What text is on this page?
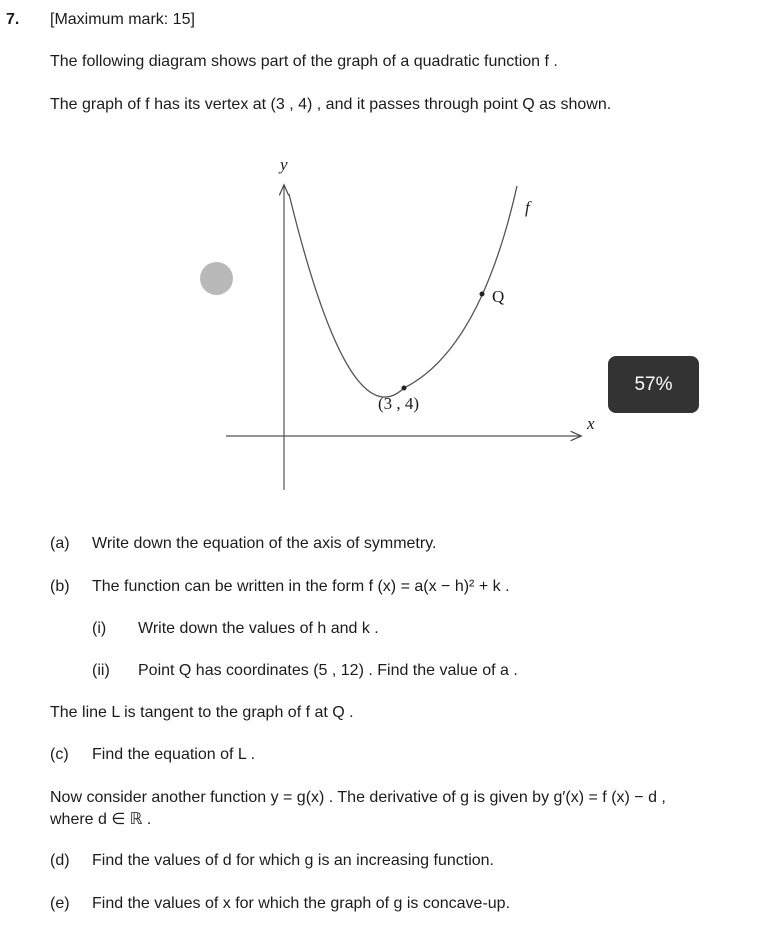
7. [Maximum mark: 15]
The following diagram shows part of the graph of a quadratic function f .
The graph of f has its vertex at (3 , 4) , and it passes through point Q as shown.
y
x
f
Q
(3 , 4)
57%
(a) Write down the equation of the axis of symmetry.
(b) The function can be written in the form f (x) = a(x − h)² + k .
(i) Write down the values of h and k .
(ii) Point Q has coordinates (5 , 12) . Find the value of a .
The line L is tangent to the graph of f at Q .
(c) Find the equation of L .
Now consider another function y = g(x) . The derivative of g is given by g′(x) = f (x) − d ,
where d ∈ ℝ .
(d) Find the values of d for which g is an increasing function.
(e) Find the values of x for which the graph of g is concave-up.
